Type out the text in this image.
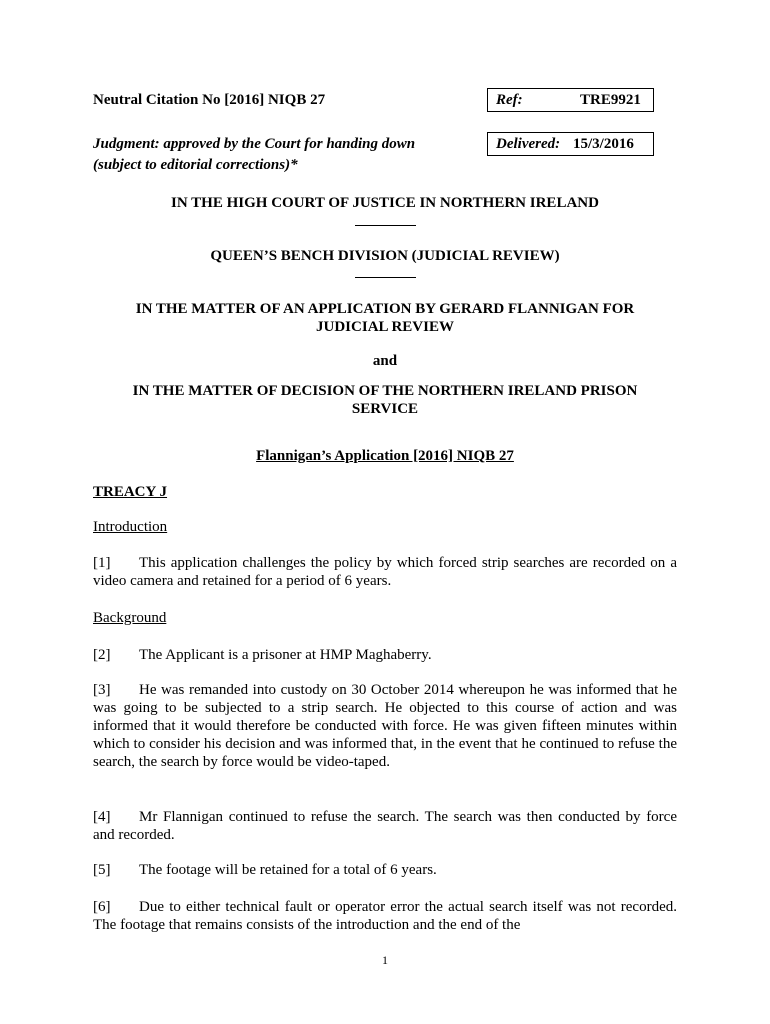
Neutral Citation No [2016] NIQB 27	Ref:	TRE9921
Judgment: approved by the Court for handing down
(subject to editorial corrections)*
Delivered: 15/3/2016
IN THE HIGH COURT OF JUSTICE IN NORTHERN IRELAND
QUEEN’S BENCH DIVISION (JUDICIAL REVIEW)
IN THE MATTER OF AN APPLICATION BY GERARD FLANNIGAN FOR
JUDICIAL REVIEW
and
IN THE MATTER OF DECISION OF THE NORTHERN IRELAND PRISON
SERVICE
Flannigan’s Application [2016] NIQB 27
TREACY J
Introduction
[1] This application challenges the policy by which forced strip searches are recorded on a video camera and retained for a period of 6 years.
Background
[2] The Applicant is a prisoner at HMP Maghaberry.
[3] He was remanded into custody on 30 October 2014 whereupon he was informed that he was going to be subjected to a strip search. He objected to this course of action and was informed that it would therefore be conducted with force. He was given fifteen minutes within which to consider his decision and was informed that, in the event that he continued to refuse the search, the search by force would be video-taped.
[4] Mr Flannigan continued to refuse the search. The search was then conducted by force and recorded.
[5] The footage will be retained for a total of 6 years.
[6] Due to either technical fault or operator error the actual search itself was not recorded. The footage that remains consists of the introduction and the end of the
1
